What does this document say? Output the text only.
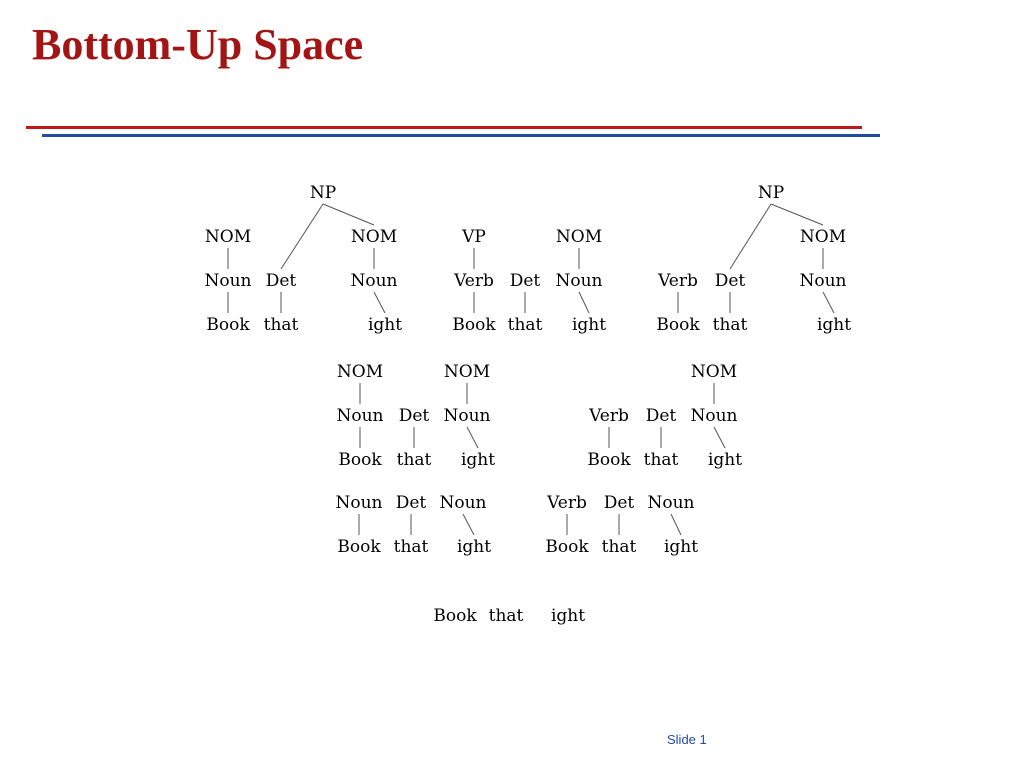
Bottom-Up Space
Book that	ight
Noun Det	Noun
NOM	NOM
NP
Book that ight
Verb Det Noun
VP	NOM
Book that	ight
Verb Det	Noun
NOM
NP
Book that ight
Noun Det Noun
NOM	NOM
Book that ight
Verb Det Noun
NOM
Book that ight
Noun Det Noun
Book that ight
Verb Det Noun
Book that ight
Slide 1
